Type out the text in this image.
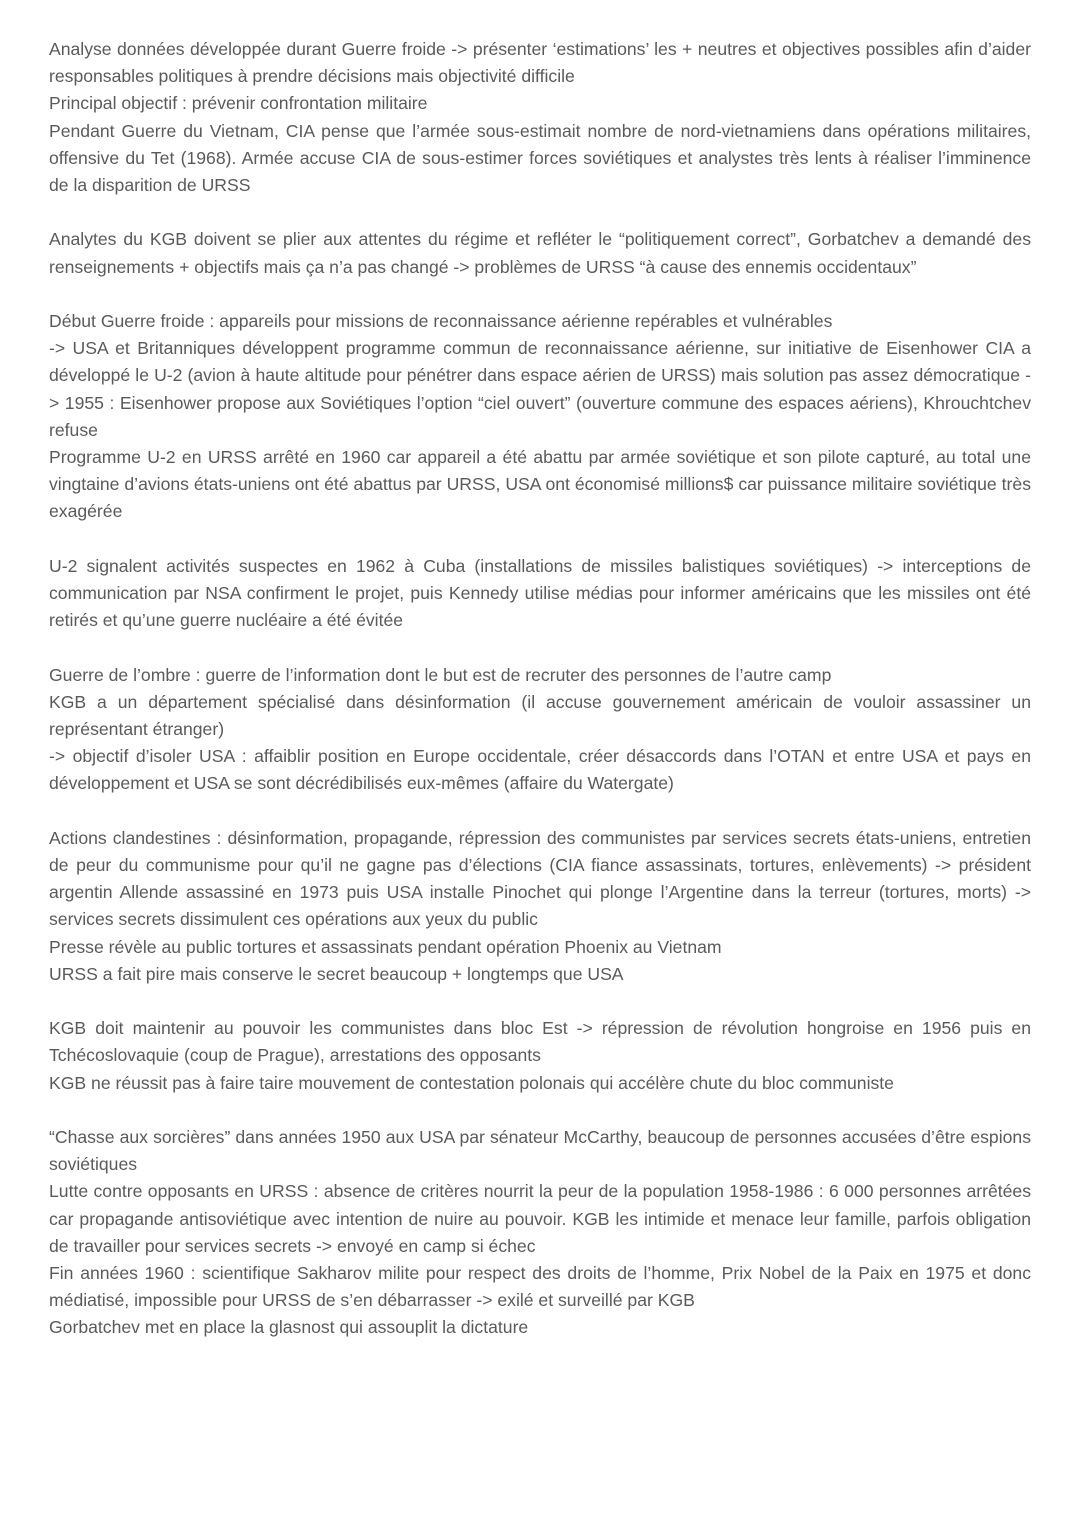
Analyse données développée durant Guerre froide -> présenter ‘estimations’ les + neutres et objectives possibles afin d’aider responsables politiques à prendre décisions mais objectivité difficile
Principal objectif : prévenir confrontation militaire
Pendant Guerre du Vietnam, CIA pense que l’armée sous-estimait nombre de nord-vietnamiens dans opérations militaires, offensive du Tet (1968). Armée accuse CIA de sous-estimer forces soviétiques et analystes très lents à réaliser l’imminence de la disparition de URSS
Analytes du KGB doivent se plier aux attentes du régime et refléter le “politiquement correct”, Gorbatchev a demandé des renseignements + objectifs mais ça n’a pas changé -> problèmes de URSS “à cause des ennemis occidentaux”
Début Guerre froide : appareils pour missions de reconnaissance aérienne repérables et vulnérables
-> USA et Britanniques développent programme commun de reconnaissance aérienne, sur initiative de Eisenhower CIA a développé le U-2 (avion à haute altitude pour pénétrer dans espace aérien de URSS) mais solution pas assez démocratique -> 1955 : Eisenhower propose aux Soviétiques l’option “ciel ouvert” (ouverture commune des espaces aériens), Khrouchtchev refuse
Programme U-2 en URSS arrêté en 1960 car appareil a été abattu par armée soviétique et son pilote capturé, au total une vingtaine d’avions états-uniens ont été abattus par URSS, USA ont économisé millions$ car puissance militaire soviétique très exagérée
U-2 signalent activités suspectes en 1962 à Cuba (installations de missiles balistiques soviétiques) -> interceptions de communication par NSA confirment le projet, puis Kennedy utilise médias pour informer américains que les missiles ont été retirés et qu’une guerre nucléaire a été évitée
Guerre de l’ombre : guerre de l’information dont le but est de recruter des personnes de l’autre camp
KGB a un département spécialisé dans désinformation (il accuse gouvernement américain de vouloir assassiner un représentant étranger)
-> objectif d’isoler USA : affaiblir position en Europe occidentale, créer désaccords dans l’OTAN et entre USA et pays en développement et USA se sont décrédibilisés eux-mêmes (affaire du Watergate)
Actions clandestines : désinformation, propagande, répression des communistes par services secrets états-uniens, entretien de peur du communisme pour qu’il ne gagne pas d’élections (CIA fiance assassinats, tortures, enlèvements) -> président argentin Allende assassiné en 1973 puis USA installe Pinochet qui plonge l’Argentine dans la terreur (tortures, morts) -> services secrets dissimulent ces opérations aux yeux du public
Presse révèle au public tortures et assassinats pendant opération Phoenix au Vietnam
URSS a fait pire mais conserve le secret beaucoup + longtemps que USA
KGB doit maintenir au pouvoir les communistes dans bloc Est -> répression de révolution hongroise en 1956 puis en Tchécoslovaquie (coup de Prague), arrestations des opposants
KGB ne réussit pas à faire taire mouvement de contestation polonais qui accélère chute du bloc communiste
“Chasse aux sorcières” dans années 1950 aux USA par sénateur McCarthy, beaucoup de personnes accusées d’être espions soviétiques
Lutte contre opposants en URSS : absence de critères nourrit la peur de la population 1958-1986 : 6 000 personnes arrêtées car propagande antisoviétique avec intention de nuire au pouvoir. KGB les intimide et menace leur famille, parfois obligation de travailler pour services secrets -> envoyé en camp si échec
Fin années 1960 : scientifique Sakharov milite pour respect des droits de l’homme, Prix Nobel de la Paix en 1975 et donc médiatisé, impossible pour URSS de s’en débarrasser -> exilé et surveillé par KGB
Gorbatchev met en place la glasnost qui assouplit la dictature
